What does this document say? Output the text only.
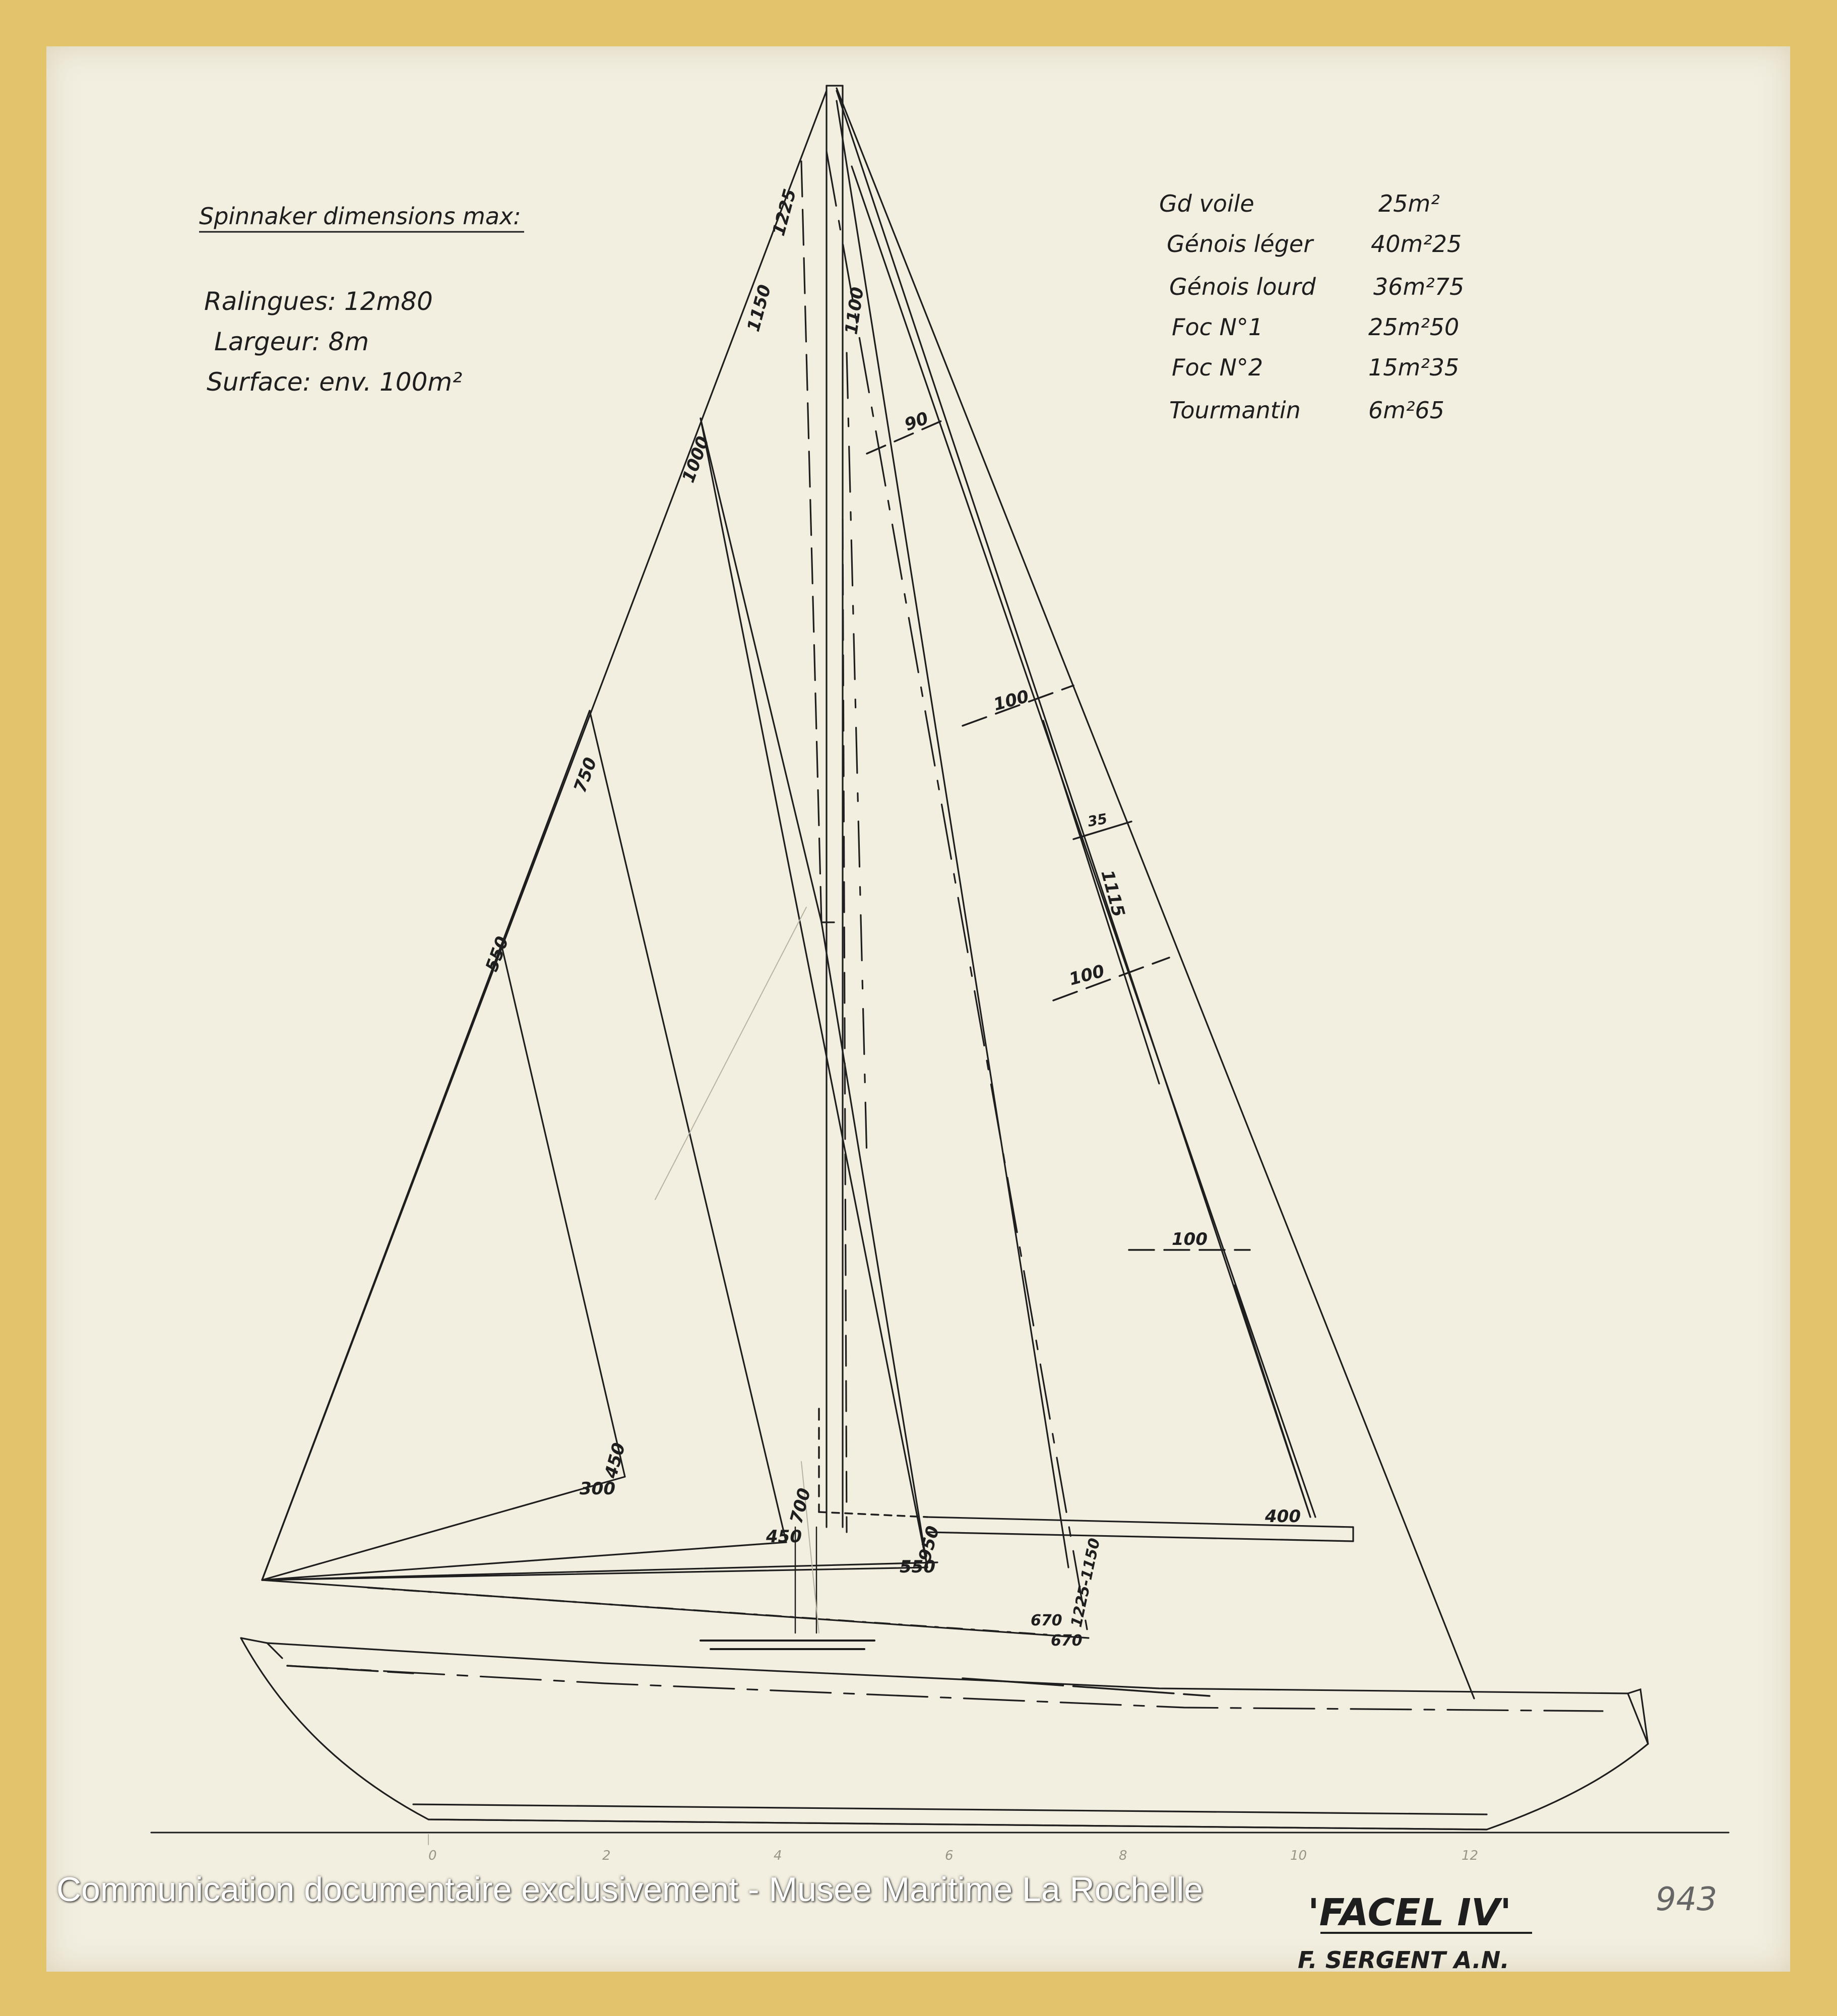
0	2	4	6	8	10	12
Spinnaker dimensions max:
Ralingues: 12m80
Largeur: 8m
Surface: env. 100m²
Gd voile	25m²
Génois léger 40m²25
Génois lourd 36m²75
Foc N°1	25m²50
Foc N°2	15m²35
Tourmantin	6m²65
1225
1150	1100
90
1000
100
35
1115
100
100
750
550
450
300
450
700
950
550
400
670
670
1225-1150
'FACEL IV'
F. SERGENT A.N.
943
Communication documentaire exclusivement - Musee Maritime La Rochelle
